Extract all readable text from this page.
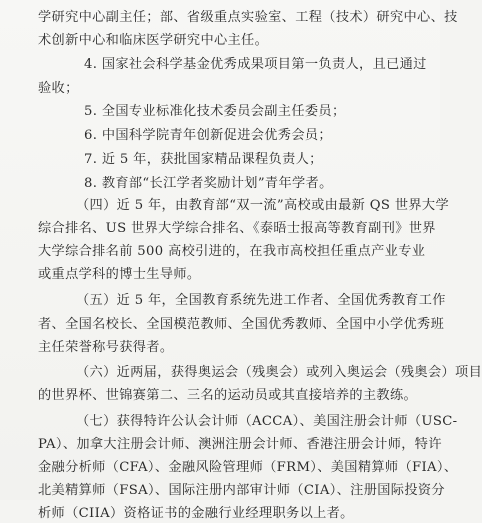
学研究中心副主任；部、省级重点实验室、工程（技术）研究中心、技
术创新中心和临床医学研究中心主任。
4. 国家社会科学基金优秀成果项目第一负责人，且已通过
验收；
5. 全国专业标准化技术委员会副主任委员；
6. 中国科学院青年创新促进会优秀会员；
7. 近 5 年，获批国家精品课程负责人；
8. 教育部“长江学者奖励计划”青年学者。
（四）近 5 年，由教育部“双一流”高校或由最新 QS 世界大学
综合排名、US 世界大学综合排名、《泰晤士报高等教育副刊》世界
大学综合排名前 500 高校引进的，在我市高校担任重点产业专业
或重点学科的博士生导师。
（五）近 5 年，全国教育系统先进工作者、全国优秀教育工作
者、全国名校长、全国模范教师、全国优秀教师、全国中小学优秀班
主任荣誉称号获得者。
（六）近两届，获得奥运会（残奥会）或列入奥运会（残奥会）项目
的世界杯、世锦赛第二、三名的运动员或其直接培养的主教练。
（七）获得特许公认会计师（ACCA）、美国注册会计师（USC-
PA）、加拿大注册会计师、澳洲注册会计师、香港注册会计师，特许
金融分析师（CFA）、金融风险管理师（FRM）、美国精算师（FIA）、
北美精算师（FSA）、国际注册内部审计师（CIA）、注册国际投资分
析师（CIIA）资格证书的金融行业经理职务以上者。
